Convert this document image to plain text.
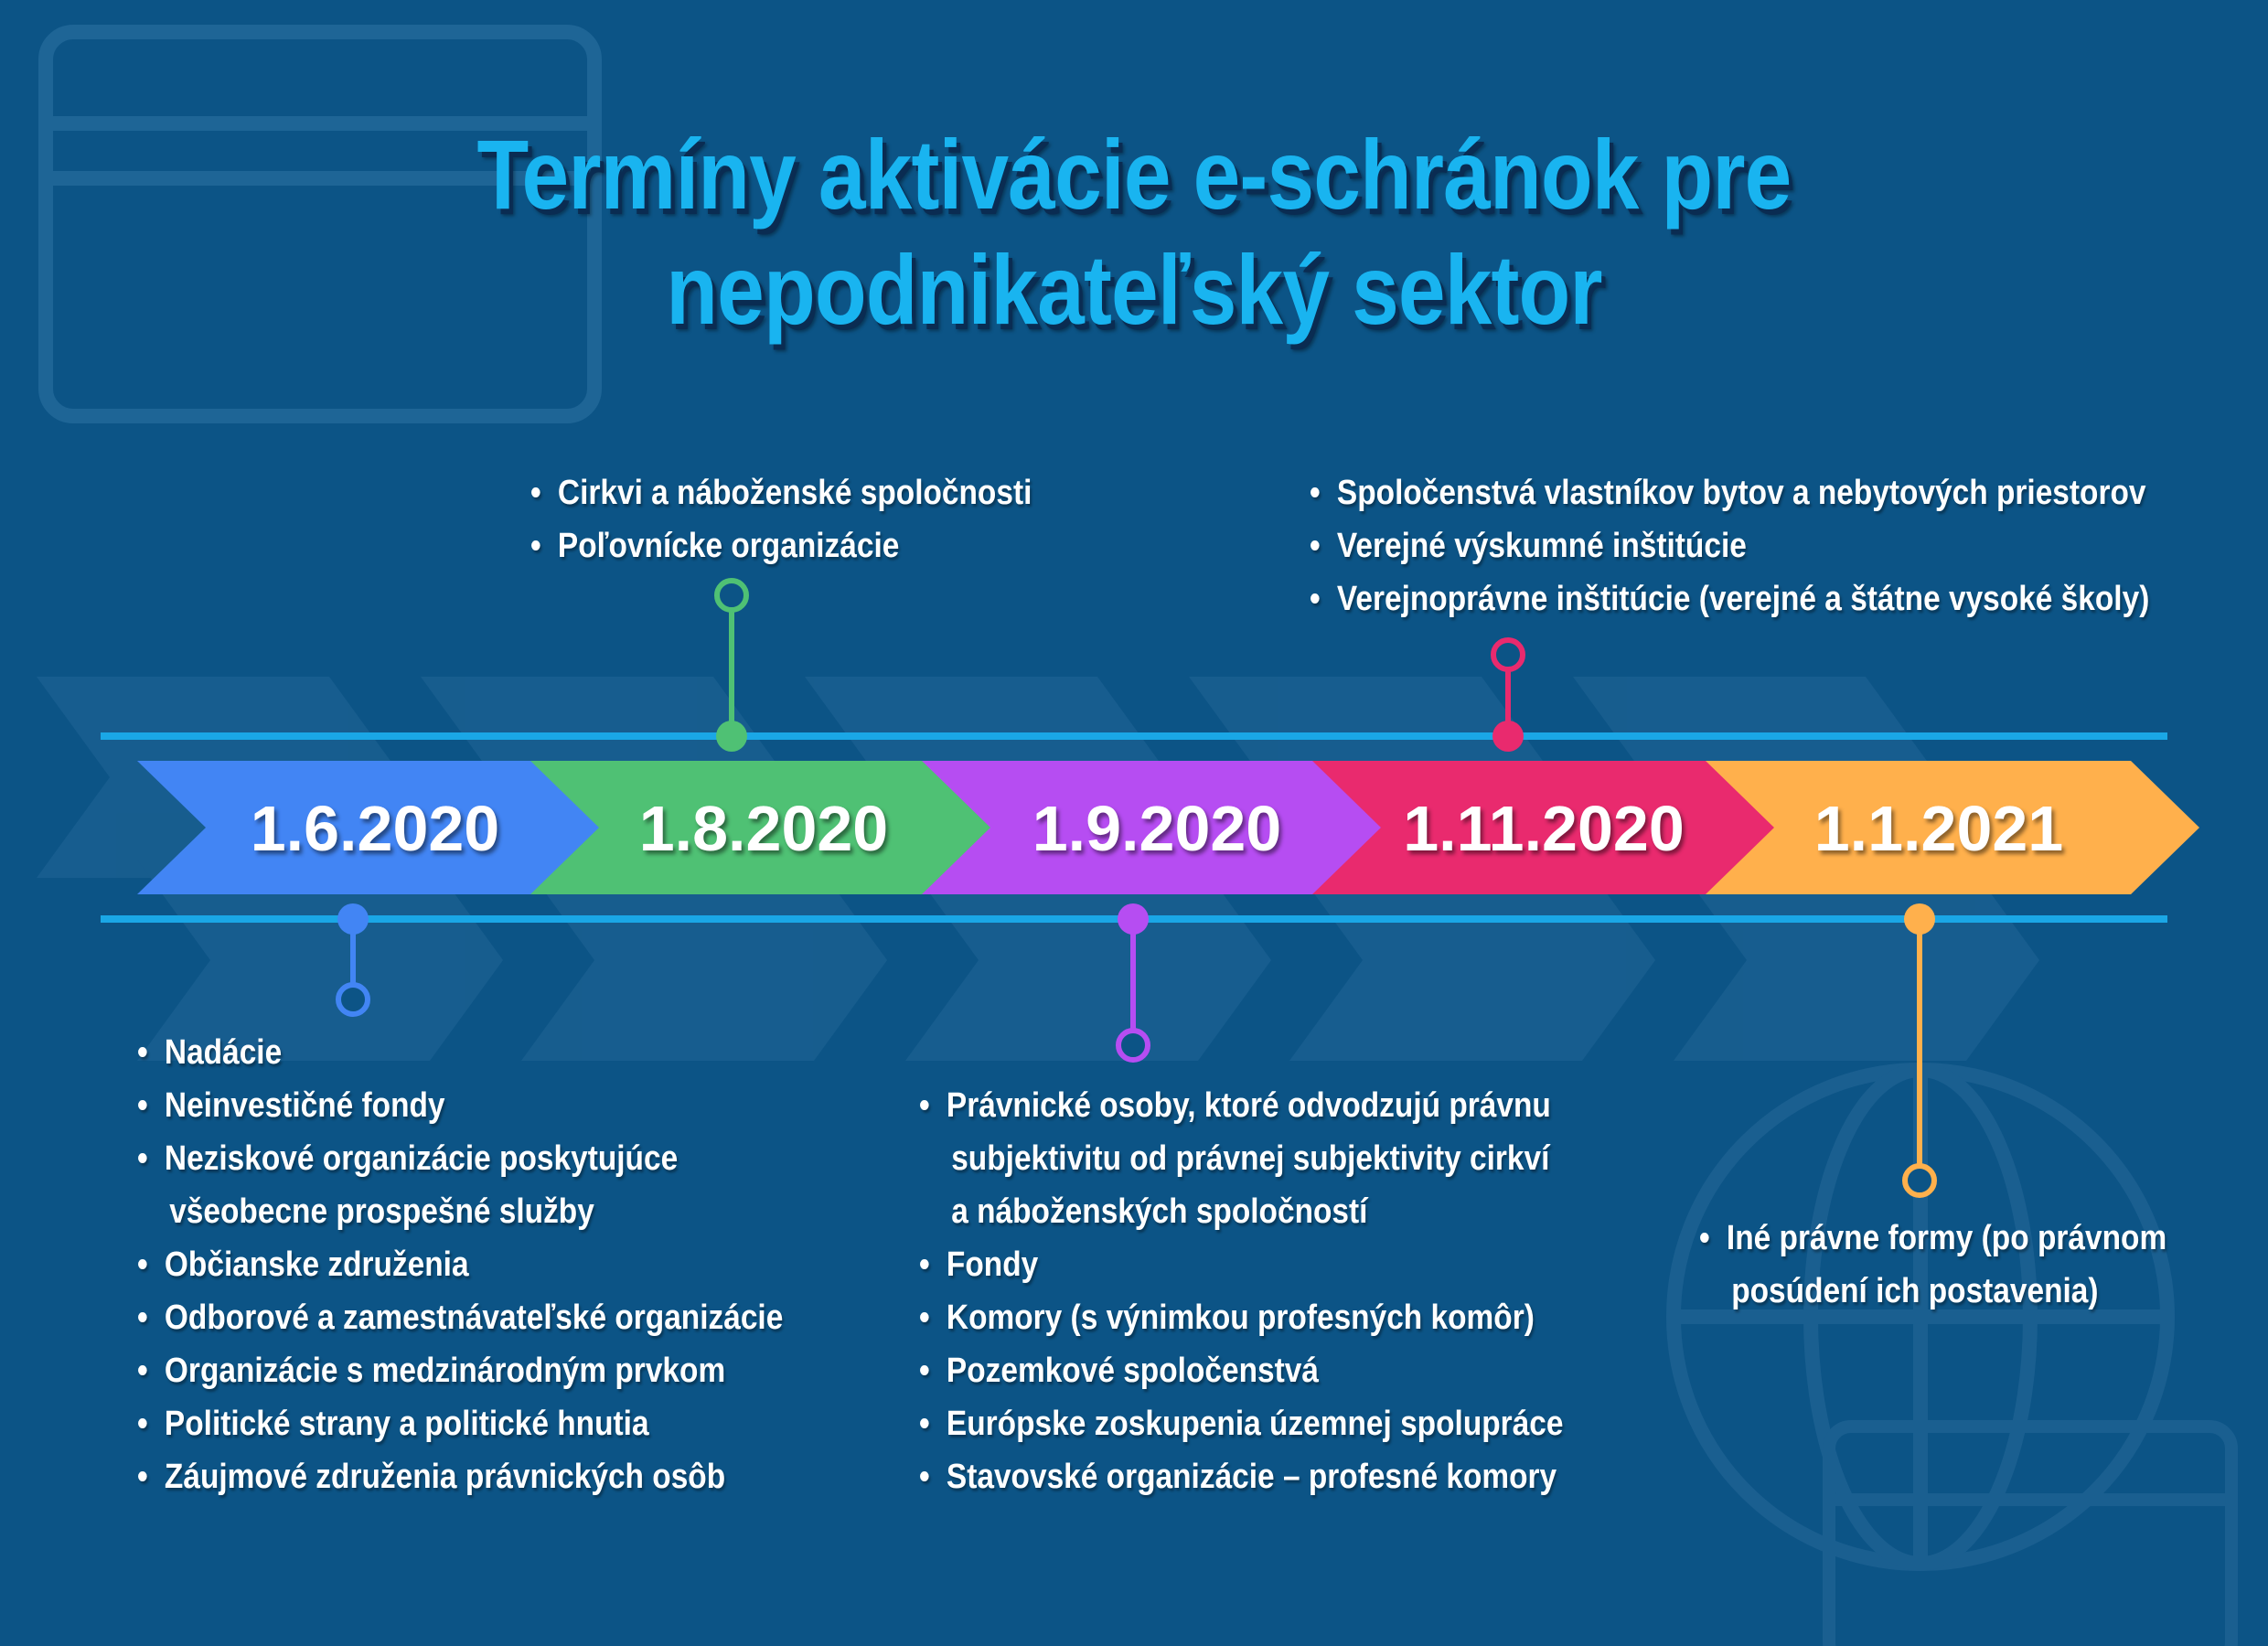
Termíny aktivácie e-schránok pre
nepodnikateľský sektor
1.6.2020	1.8.2020	1.9.2020	1.11.2020	1.1.2021
• Nadácie
• Neinvestičné fondy
• Neziskové organizácie poskytujúce
všeobecne prospešné služby
• Občianske združenia
• Odborové a zamestnávateľské organizácie
• Organizácie s medzinárodným prvkom
• Politické strany a politické hnutia
• Záujmové združenia právnických osôb
• Cirkvi a náboženské spoločnosti
• Poľovnícke organizácie
• Právnické osoby, ktoré odvodzujú právnu
subjektivitu od právnej subjektivity cirkví
a náboženských spoločností
• Fondy
• Komory (s výnimkou profesných komôr)
• Pozemkové spoločenstvá
• Európske zoskupenia územnej spolupráce
• Stavovské organizácie – profesné komory
• Spoločenstvá vlastníkov bytov a nebytových priestorov
• Verejné výskumné inštitúcie
• Verejnoprávne inštitúcie (verejné a štátne vysoké školy)
• Iné právne formy (po právnom
posúdení ich postavenia)
